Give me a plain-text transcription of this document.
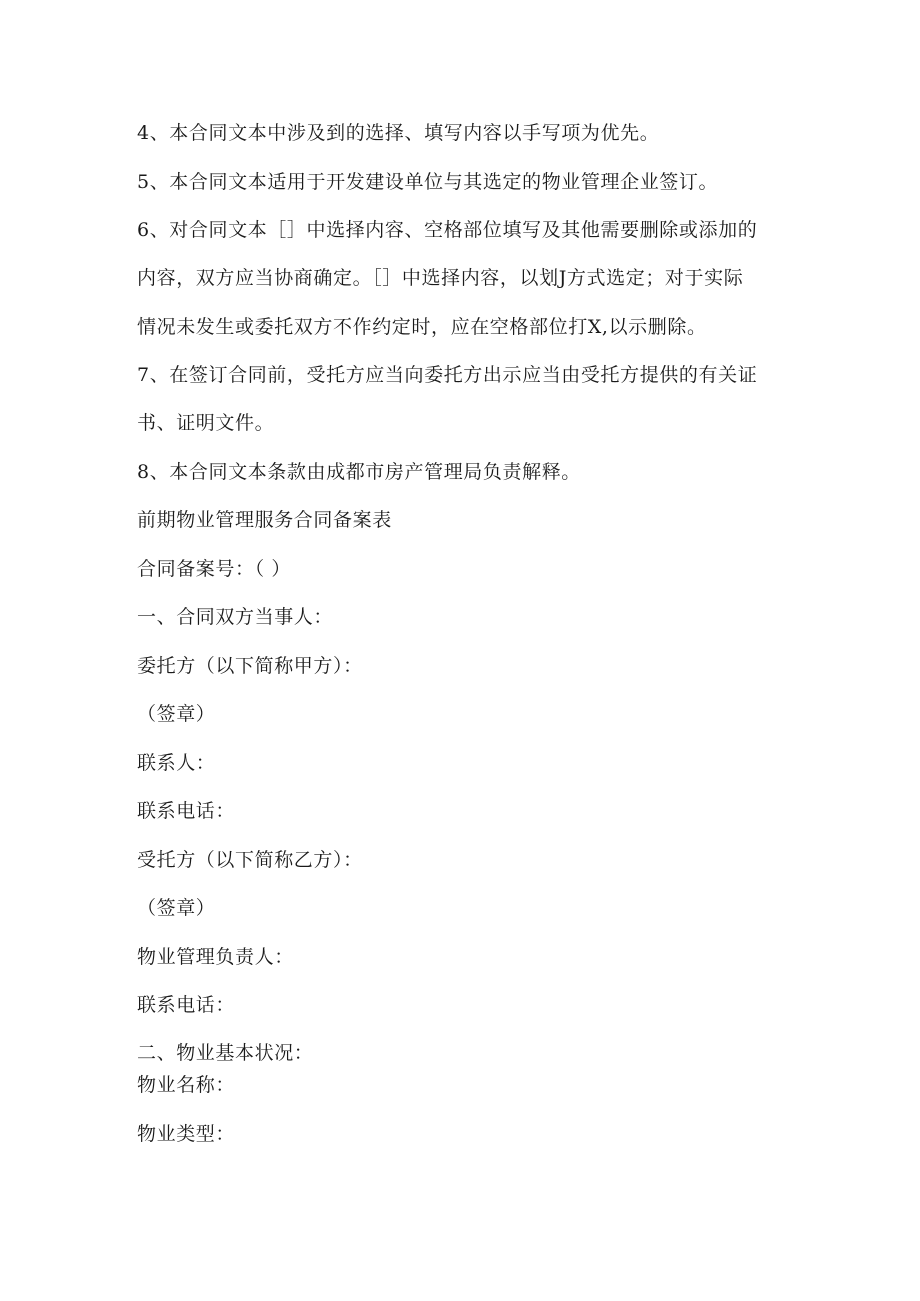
4、本合同文本中涉及到的选择、填写内容以手写项为优先。
5、本合同文本适用于开发建设单位与其选定的物业管理企业签订。
6、对合同文本［］中选择内容、空格部位填写及其他需要删除或添加的
内容，双方应当协商确定。［］中选择内容，以划J方式选定；对于实际
情况未发生或委托双方不作约定时，应在空格部位打X,以示删除。
7、在签订合同前，受托方应当向委托方出示应当由受托方提供的有关证
书、证明文件。
8、本合同文本条款由成都市房产管理局负责解释。
前期物业管理服务合同备案表
合同备案号：（ ）
一、合同双方当事人：
委托方（以下简称甲方）：
（签章）
联系人：
联系电话：
受托方（以下简称乙方）：
（签章）
物业管理负责人：
联系电话：
二、物业基本状况：
物业名称：
物业类型：
